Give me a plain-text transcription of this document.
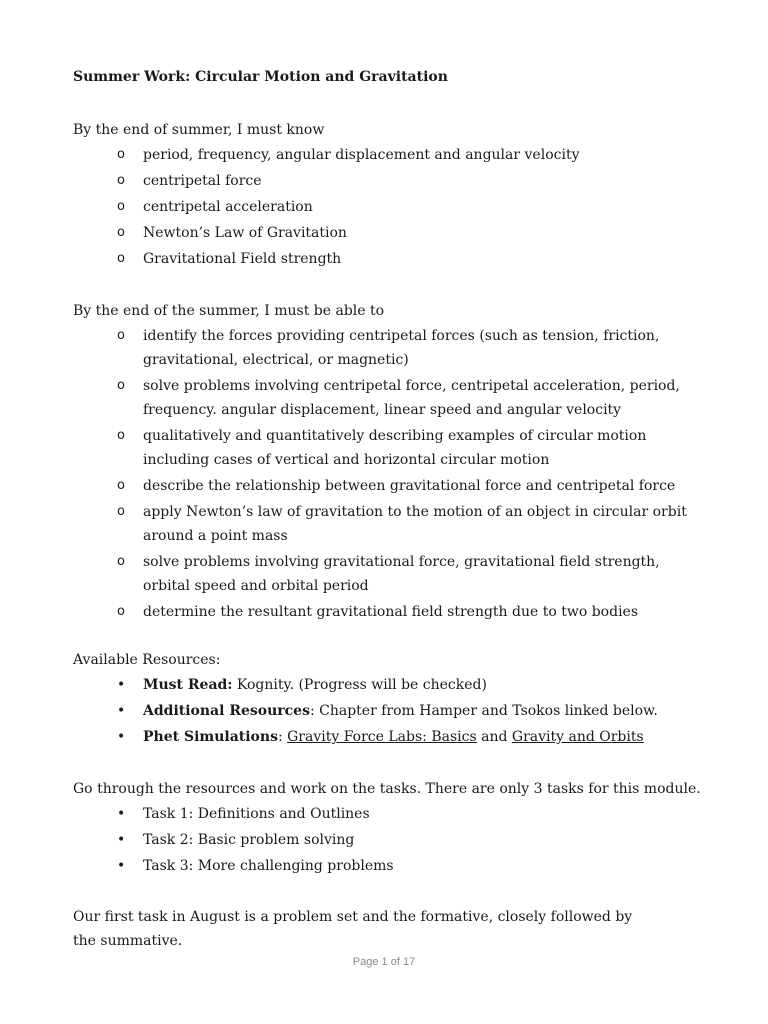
Summer Work: Circular Motion and Gravitation
By the end of summer, I must know
o	period, frequency, angular displacement and angular velocity
o	centripetal force
o	centripetal acceleration
o	Newton’s Law of Gravitation
o	Gravitational Field strength
By the end of the summer, I must be able to
o	identify the forces providing centripetal forces (such as tension, friction, gravitational, electrical, or magnetic)
o	solve problems involving centripetal force, centripetal acceleration, period, frequency. angular displacement, linear speed and angular velocity
o	qualitatively and quantitatively describing examples of circular motion including cases of vertical and horizontal circular motion
o	describe the relationship between gravitational force and centripetal force
o	apply Newton’s law of gravitation to the motion of an object in circular orbit around a point mass
o	solve problems involving gravitational force, gravitational field strength, orbital speed and orbital period
o	determine the resultant gravitational field strength due to two bodies
Available Resources:
•	Must Read: Kognity. (Progress will be checked)
•	Additional Resources: Chapter from Hamper and Tsokos linked below.
•	Phet Simulations: Gravity Force Labs: Basics and Gravity and Orbits
Go through the resources and work on the tasks. There are only 3 tasks for this module.
•	Task 1: Definitions and Outlines
•	Task 2: Basic problem solving
•	Task 3: More challenging problems
Our first task in August is a problem set and the formative, closely followed by the summative.
Page 1 of 17
